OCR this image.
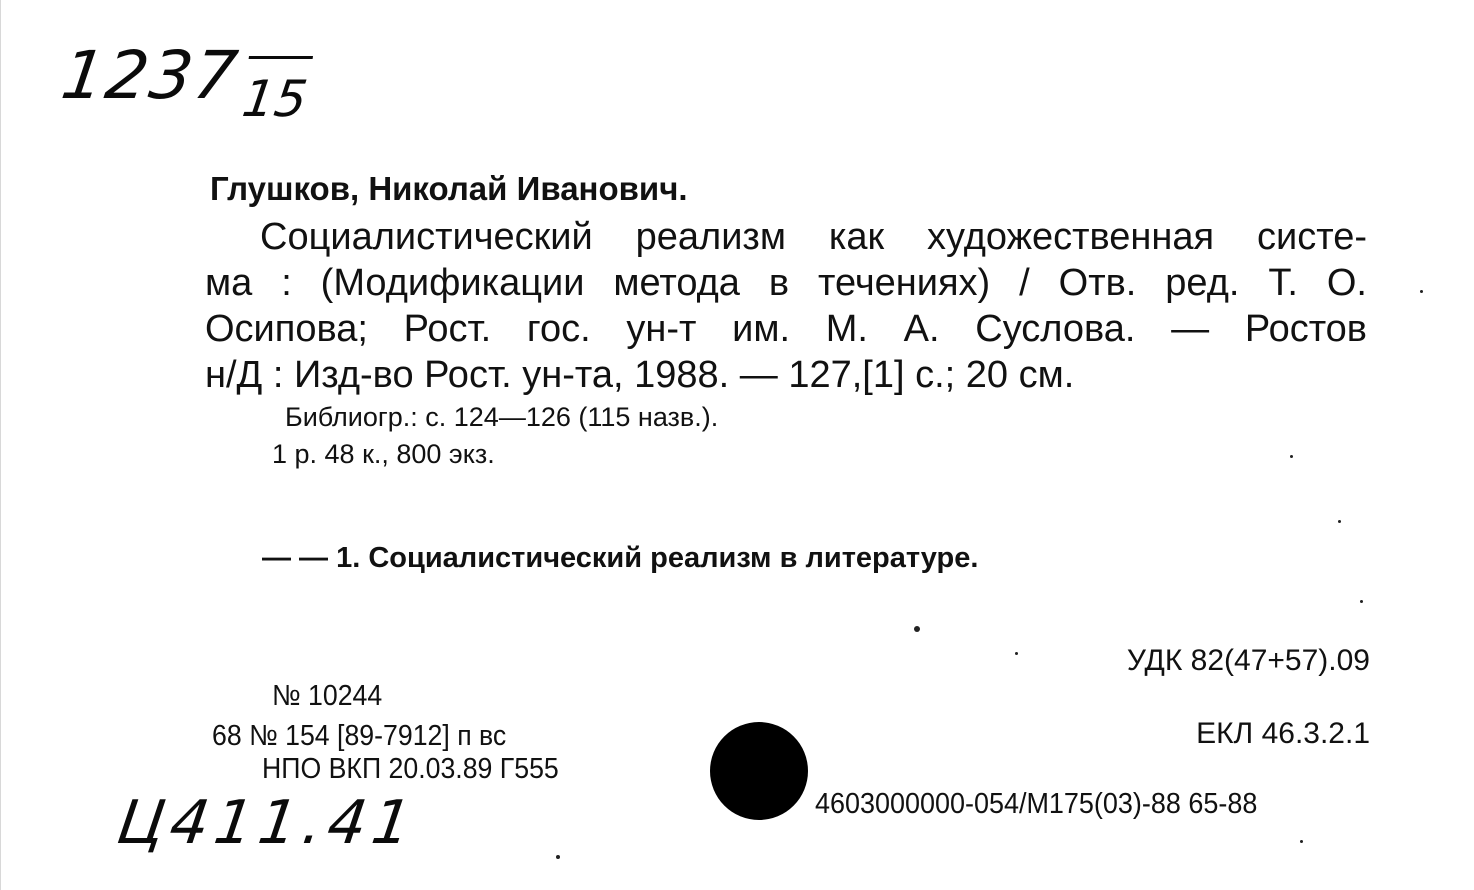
123715
Глушков, Николай Иванович.
Социалистический реализм как художественная систе-
ма : (Модификации метода в течениях) / Отв. ред. Т. О.
Осипова; Рост. гос. ун-т им. М. А. Суслова. — Ростов
н/Д : Изд-во Рост. ун-та, 1988. — 127,[1] с.; 20 см.
Библиогр.: с. 124—126 (115 назв.).
1 р. 48 к., 800 экз.
— — 1. Социалистический реализм в литературе.
УДК 82(47+57).09
№ 10244
68 № 154 [89-7912] п вс
НПО ВКП 20.03.89 Г555
ЕКЛ 46.3.2.1
4603000000-054/М175(03)-88 65-88
Ц411.41
